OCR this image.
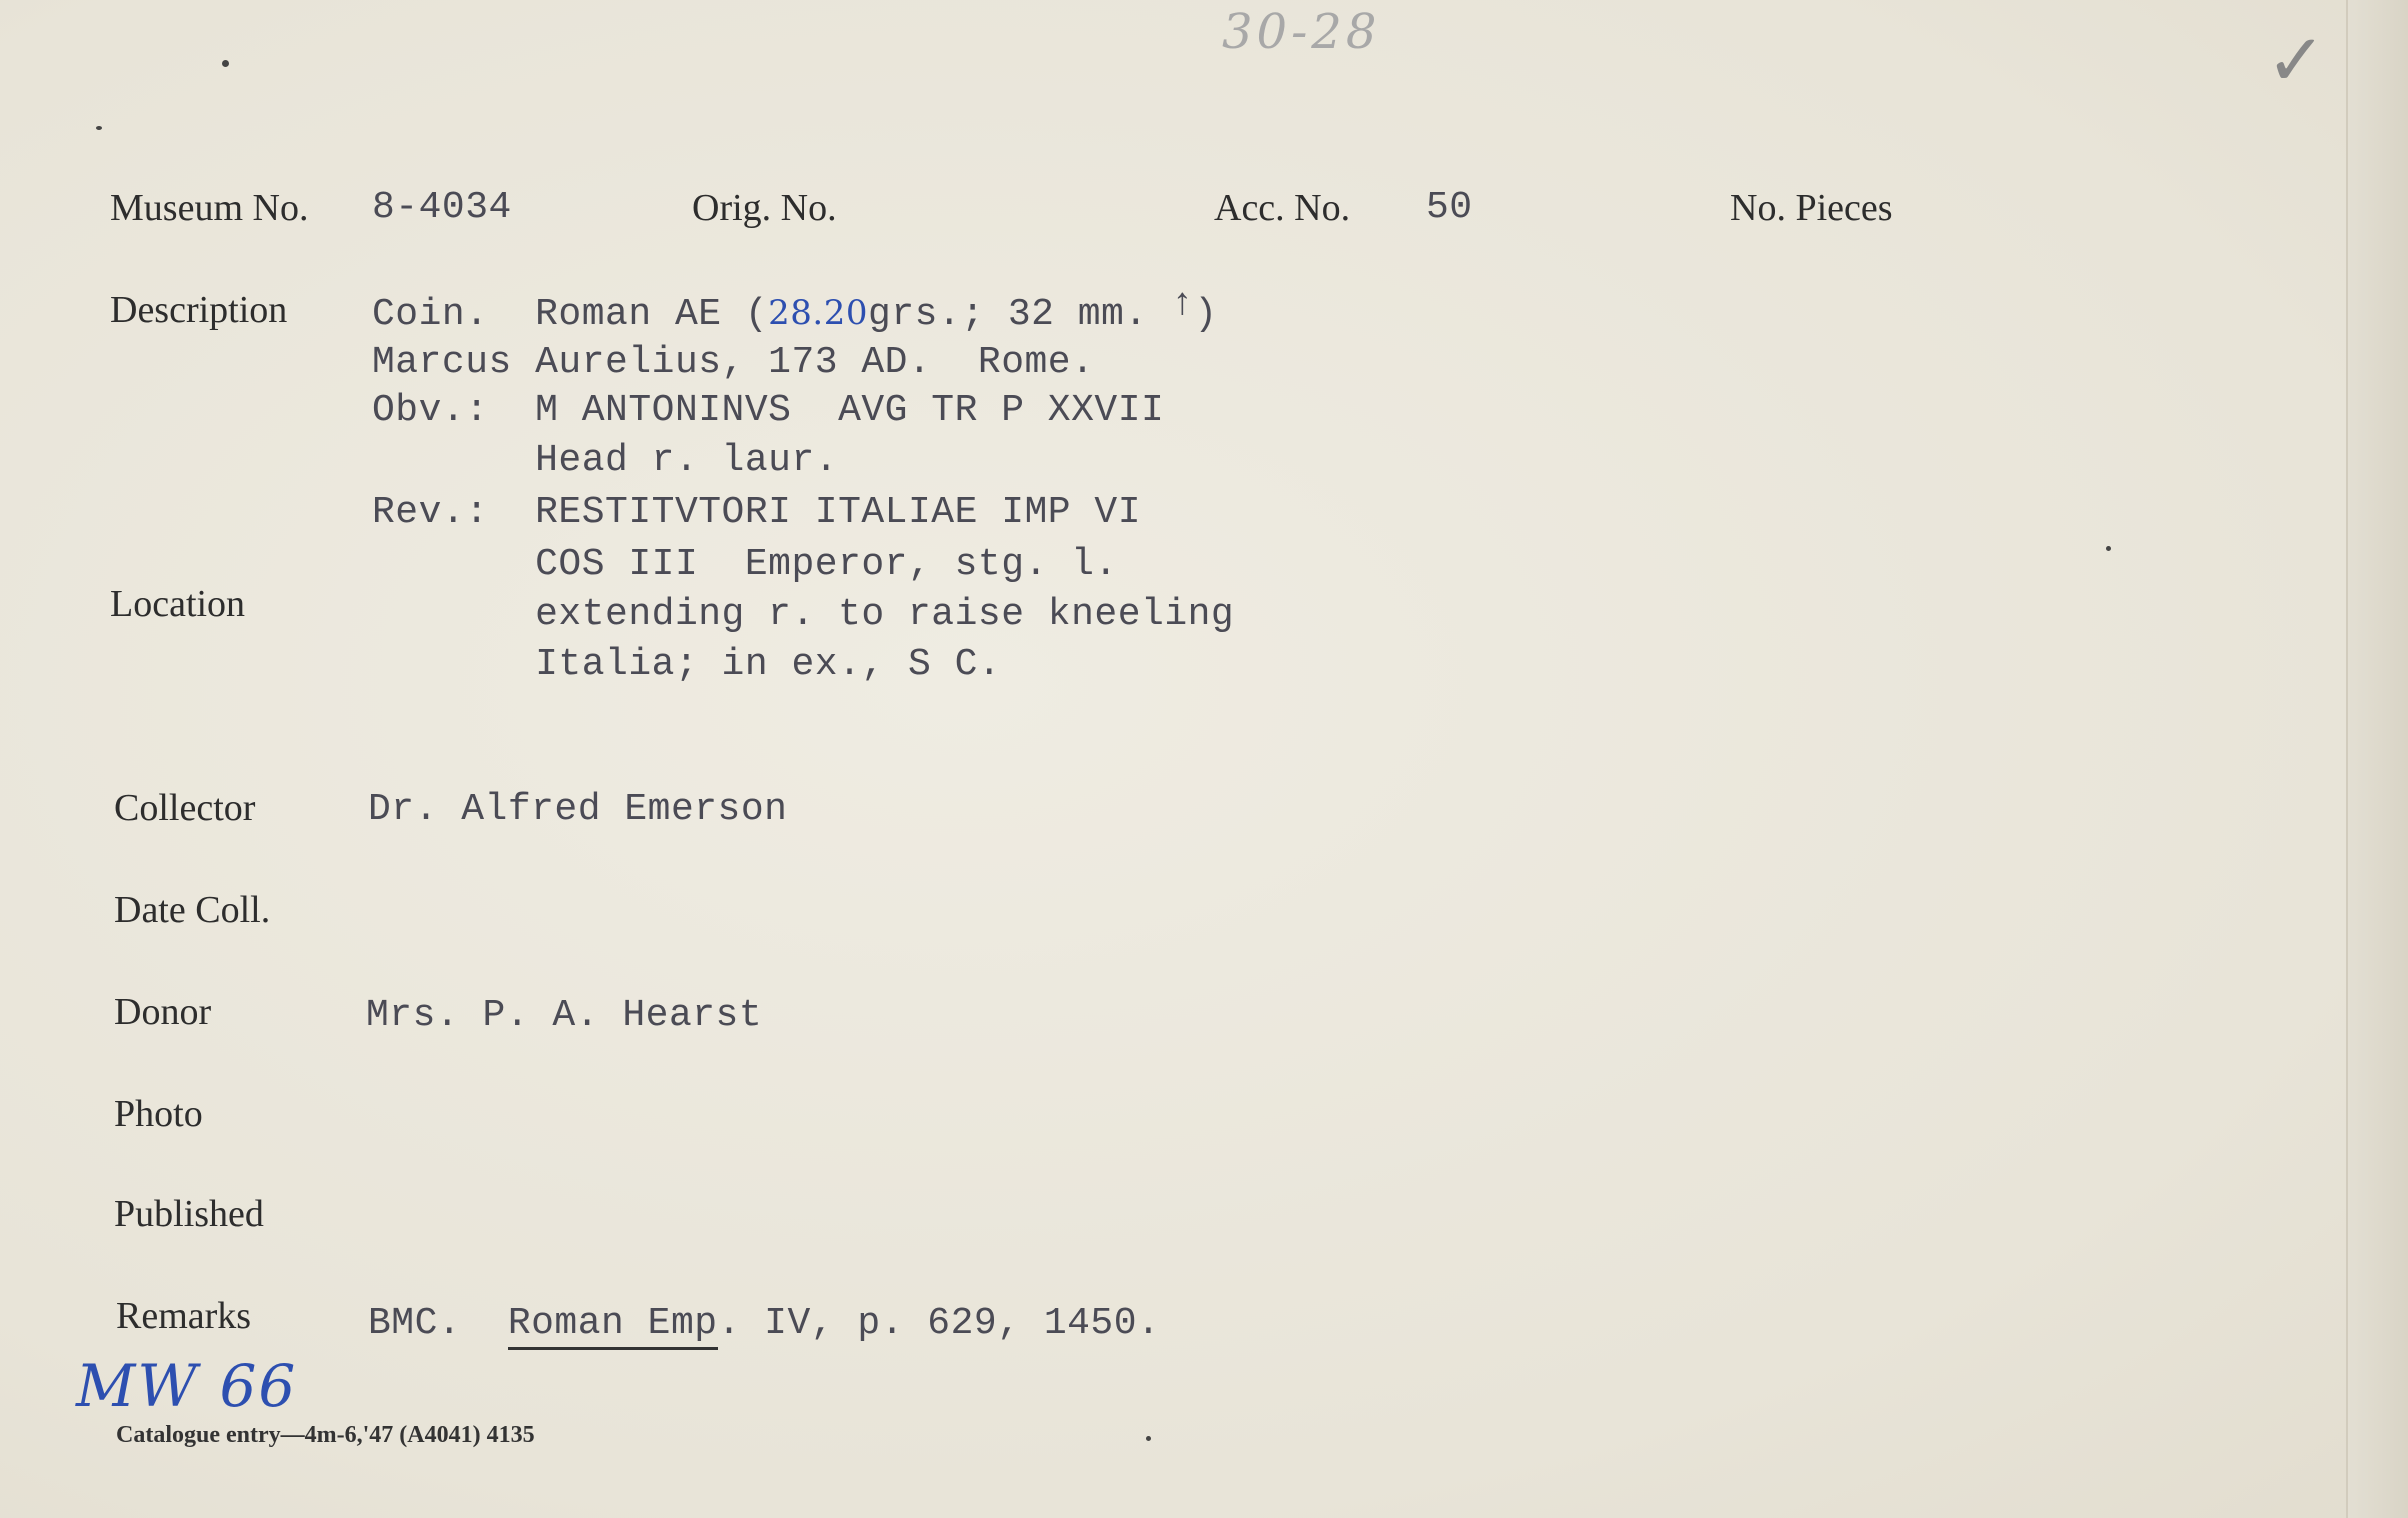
30-28	✓
Museum No. 8-4034	Orig. No.	Acc. No. 50	No. Pieces
Description

Coin.  Roman AE (28.20grs.; 32 mm. ↑)

Marcus Aurelius, 173 AD.  Rome.

Obv.:  M ANTONINVS  AVG TR P XXVII

Head r. laur.

Rev.:  RESTITVTORI ITALIAE IMP VI

COS III  Emperor, stg. l.

extending r. to raise kneeling

Italia; in ex., S C.

Location
Collector	Dr. Alfred Emerson
Date Coll.
Donor	Mrs. P. A. Hearst
Photo
Published
Remarks	BMC.  Roman Emp. IV, p. 629, 1450.
MW 66
Catalogue entry—4m-6,'47 (A4041) 4135
